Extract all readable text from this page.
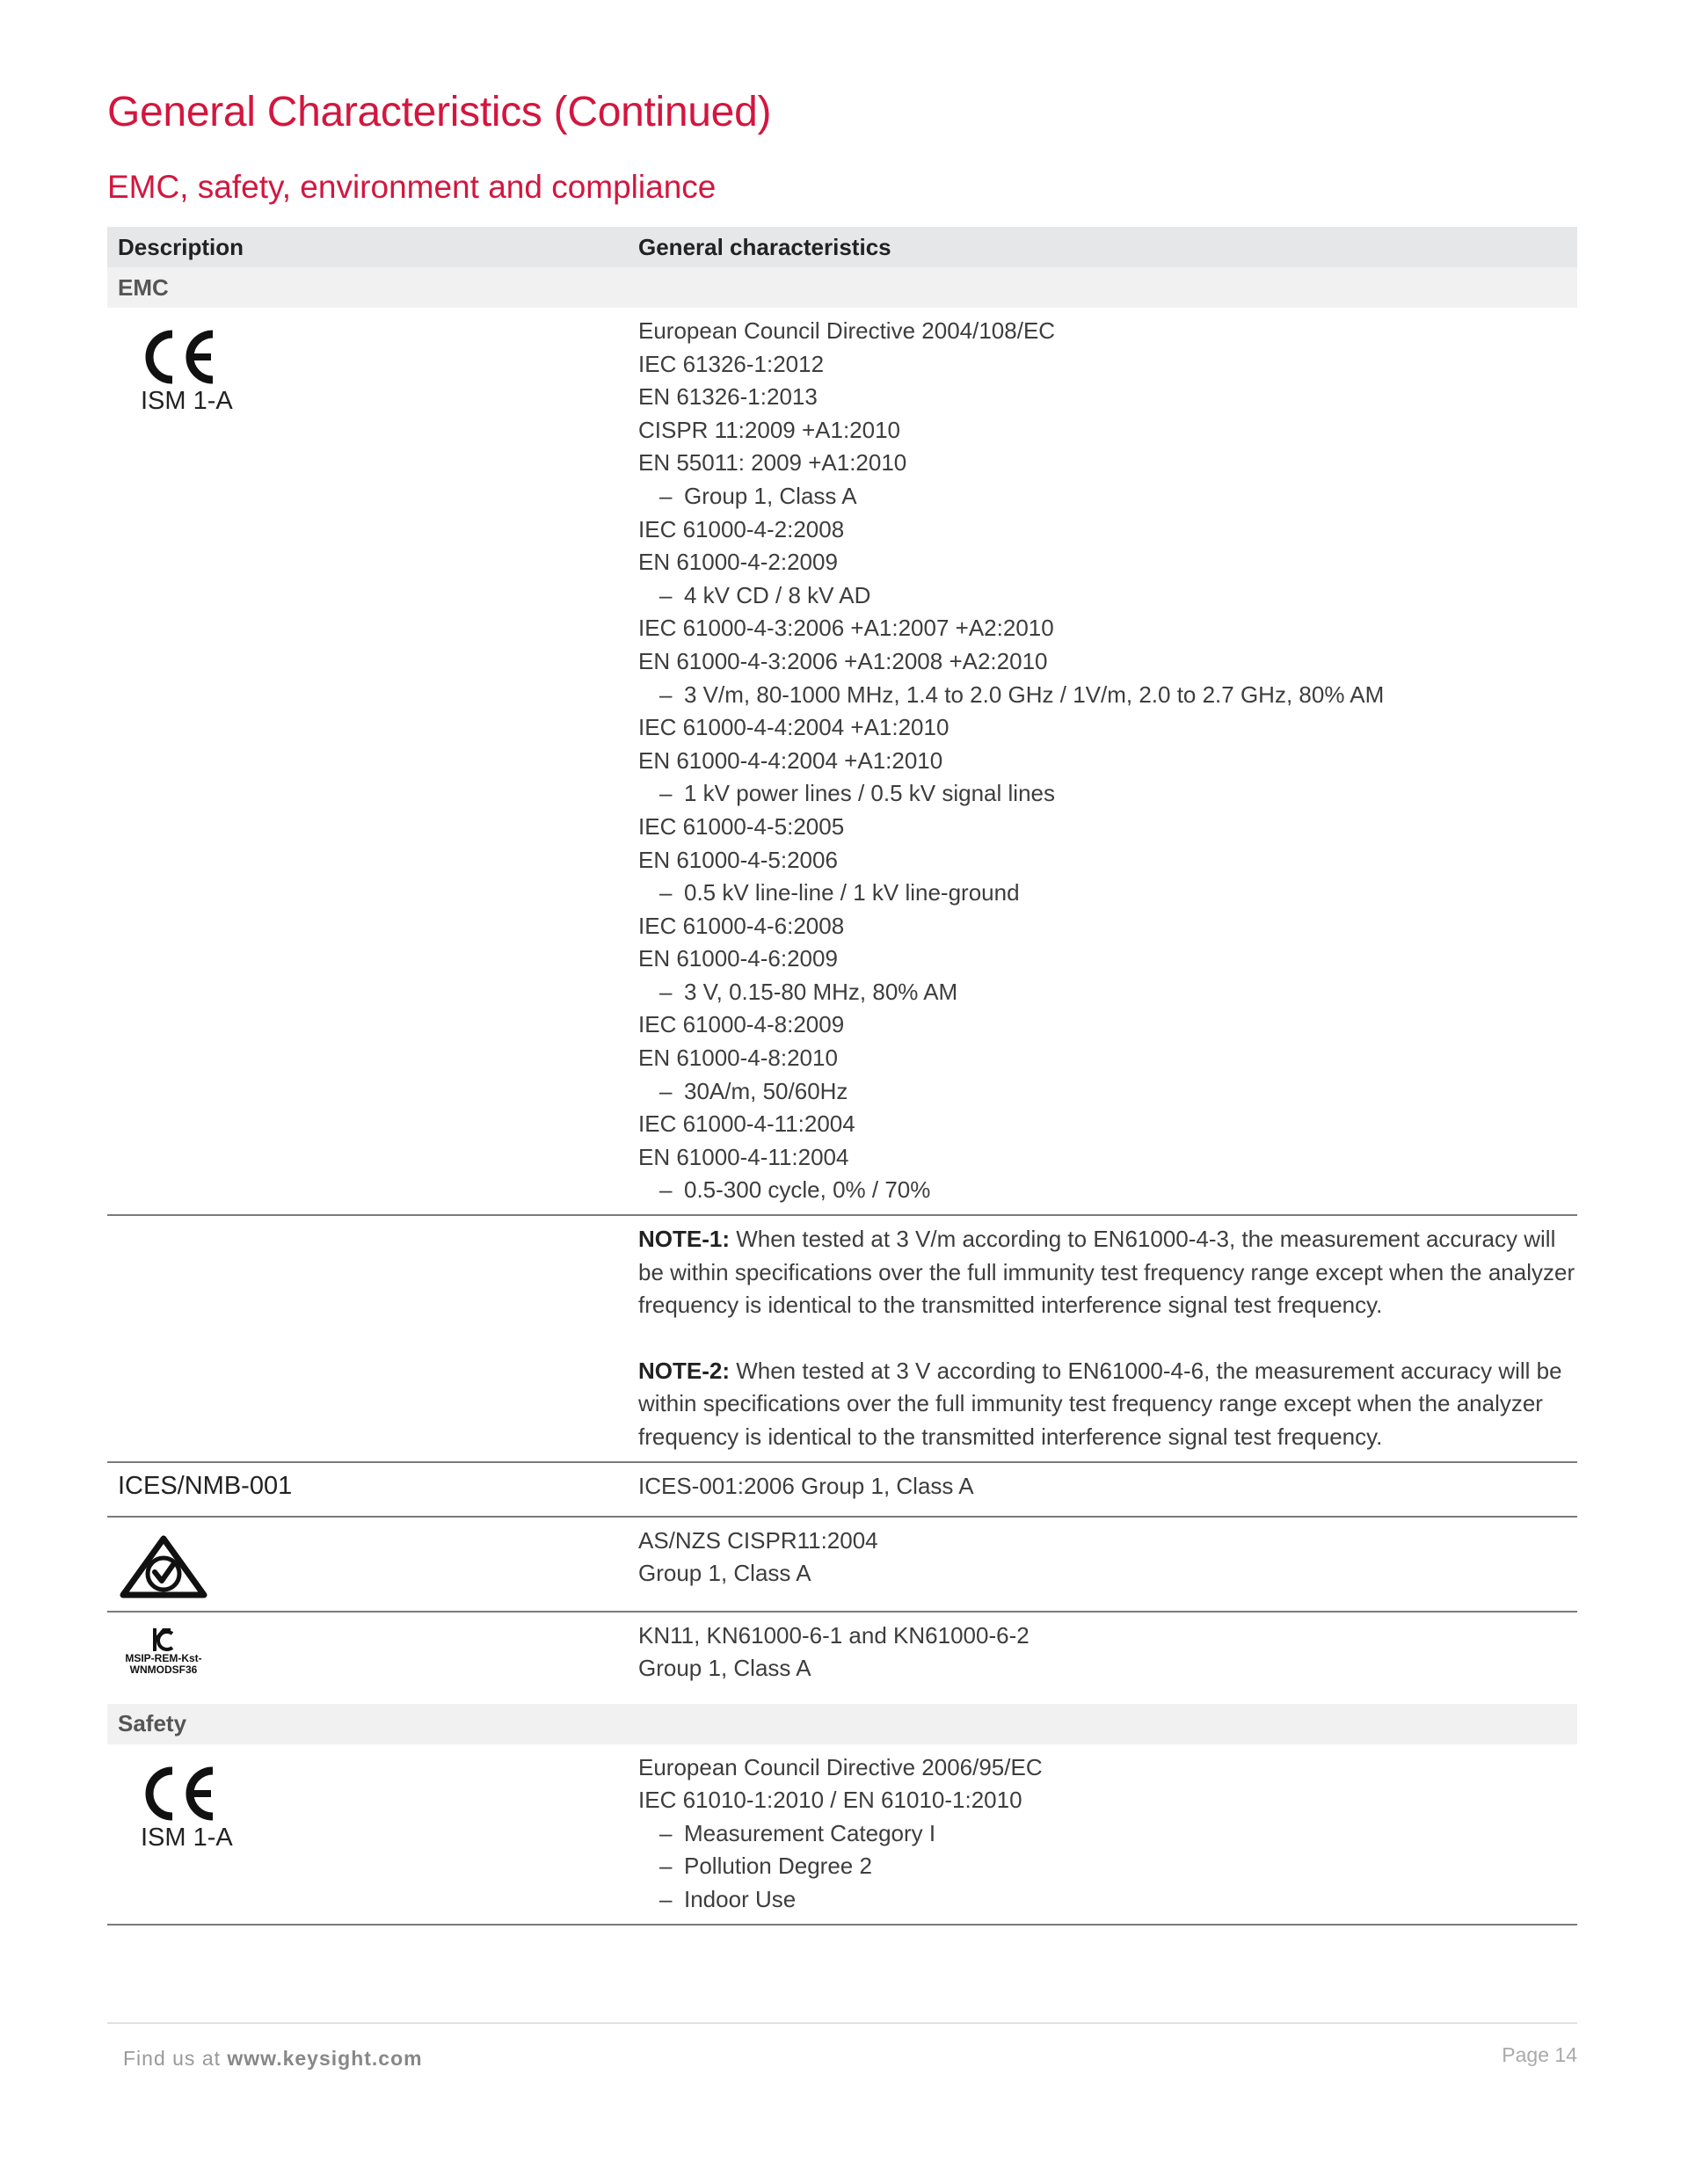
General Characteristics (Continued)
EMC, safety, environment and compliance
Description	General characteristics
EMC
ISM 1-A
European Council Directive 2004/108/EC
IEC 61326-1:2012
EN 61326-1:2013
CISPR 11:2009 +A1:2010
EN 55011: 2009 +A1:2010
– Group 1, Class A
IEC 61000-4-2:2008
EN 61000-4-2:2009
– 4 kV CD / 8 kV AD
IEC 61000-4-3:2006 +A1:2007 +A2:2010
EN 61000-4-3:2006 +A1:2008 +A2:2010
– 3 V/m, 80-1000 MHz, 1.4 to 2.0 GHz / 1V/m, 2.0 to 2.7 GHz, 80% AM
IEC 61000-4-4:2004 +A1:2010
EN 61000-4-4:2004 +A1:2010
– 1 kV power lines / 0.5 kV signal lines
IEC 61000-4-5:2005
EN 61000-4-5:2006
– 0.5 kV line-line / 1 kV line-ground
IEC 61000-4-6:2008
EN 61000-4-6:2009
– 3 V, 0.15-80 MHz, 80% AM
IEC 61000-4-8:2009
EN 61000-4-8:2010
– 30A/m, 50/60Hz
IEC 61000-4-11:2004
EN 61000-4-11:2004
– 0.5-300 cycle, 0% / 70%
NOTE-1: When tested at 3 V/m according to EN61000-4-3, the measurement accuracy will
be within specifications over the full immunity test frequency range except when the analyzer
frequency is identical to the transmitted interference signal test frequency.
NOTE-2: When tested at 3 V according to EN61000-4-6, the measurement accuracy will be
within specifications over the full immunity test frequency range except when the analyzer
frequency is identical to the transmitted interference signal test frequency.
ICES/NMB-001	ICES-001:2006 Group 1, Class A
AS/NZS CISPR11:2004
Group 1, Class A
MSIP-REM-Kst-
WNMODSF36
KN11, KN61000-6-1 and KN61000-6-2
Group 1, Class A
Safety
ISM 1-A
European Council Directive 2006/95/EC
IEC 61010-1:2010 / EN 61010-1:2010
– Measurement Category I
– Pollution Degree 2
– Indoor Use
Find us at www.keysight.com	Page 14
